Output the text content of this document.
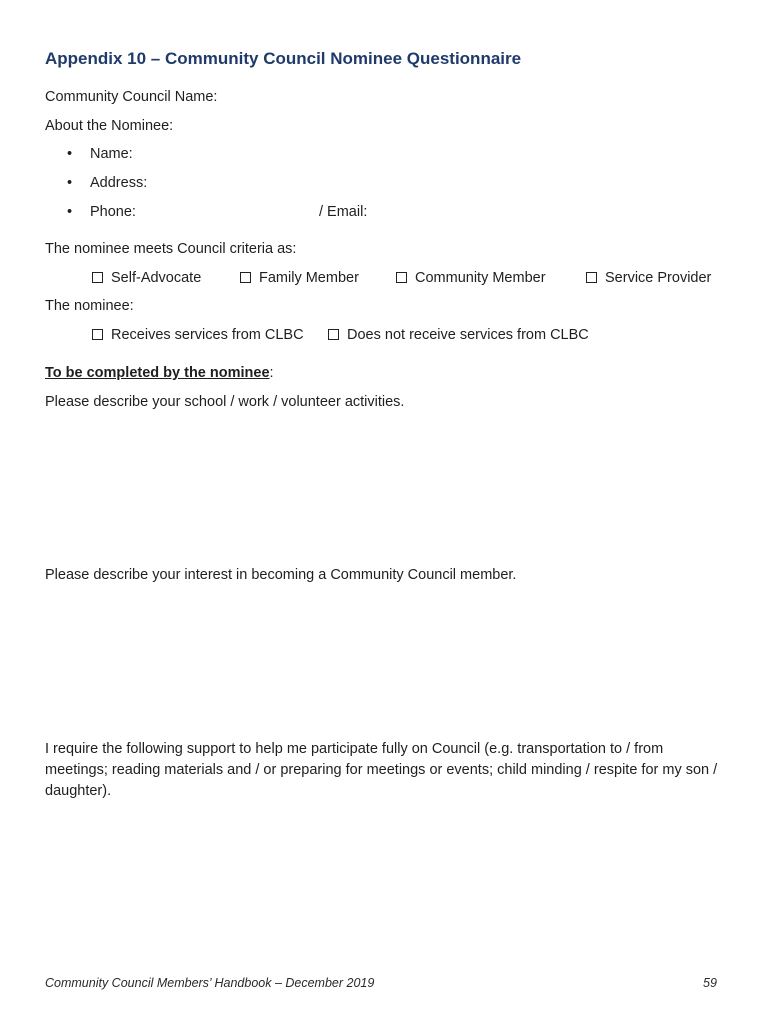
Appendix 10 – Community Council Nominee Questionnaire
Community Council Name:
About the Nominee:
• Name:
• Address:
• Phone:	/ Email:
The nominee meets Council criteria as:
Self-Advocate	Family Member	Community Member	Service Provider
The nominee:
Receives services from CLBC	Does not receive services from CLBC
To be completed by the nominee:
Please describe your school / work / volunteer activities.
Please describe your interest in becoming a Community Council member.
I require the following support to help me participate fully on Council (e.g. transportation to / from meetings; reading materials and / or preparing for meetings or events; child minding / respite for my son / daughter).
Community Council Members’ Handbook – December 2019	59
